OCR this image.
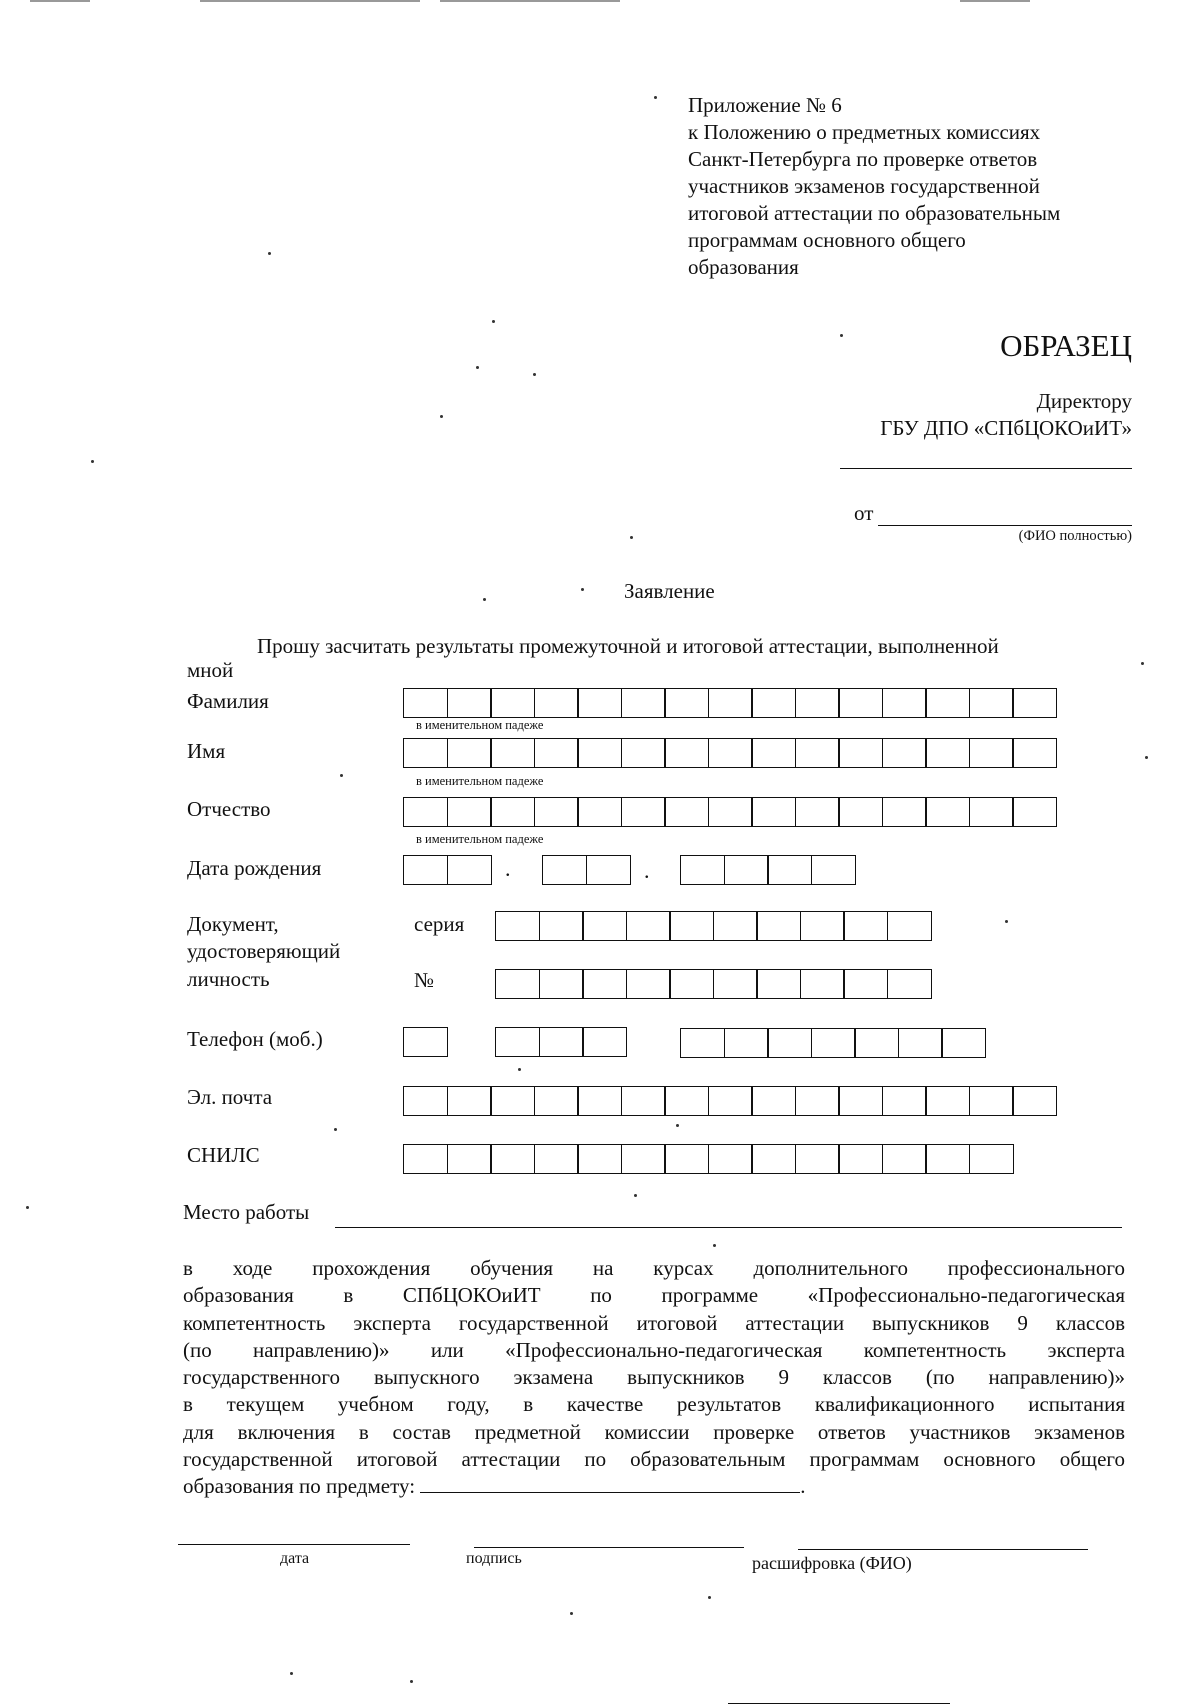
Приложение № 6
к Положению о предметных комиссиях
Санкт-Петербурга по проверке ответов
участников экзаменов государственной
итоговой аттестации по образовательным
программам основного общего
образования
ОБРАЗЕЦ
Директору
ГБУ ДПО «СПбЦОКОиИТ»
от
(ФИО полностью)
Заявление
Прошу засчитать результаты промежуточной и итоговой аттестации, выполненной
мной
Фамилия
в именительном падеже
Имя
в именительном падеже
Отчество
в именительном падеже
Дата рождения	.	.
Документ,
удостоверяющий
личность
серия
№
Телефон (моб.)
Эл. почта
СНИЛС
Место работы
в ходе прохождения обучения на курсах дополнительного профессионального
образования в СПбЦОКОиИТ по программе «Профессионально-педагогическая
компетентность эксперта государственной итоговой аттестации выпускников 9 классов
(по направлению)» или «Профессионально-педагогическая компетентность эксперта
государственного выпускного экзамена выпускников 9 классов (по направлению)»
в текущем учебном году, в качестве результатов квалификационного испытания
для включения в состав предметной комиссии проверке ответов участников экзаменов
государственной итоговой аттестации по образовательным программам основного общего
образования по предмету:	.
дата	подпись	расшифровка (ФИО)
